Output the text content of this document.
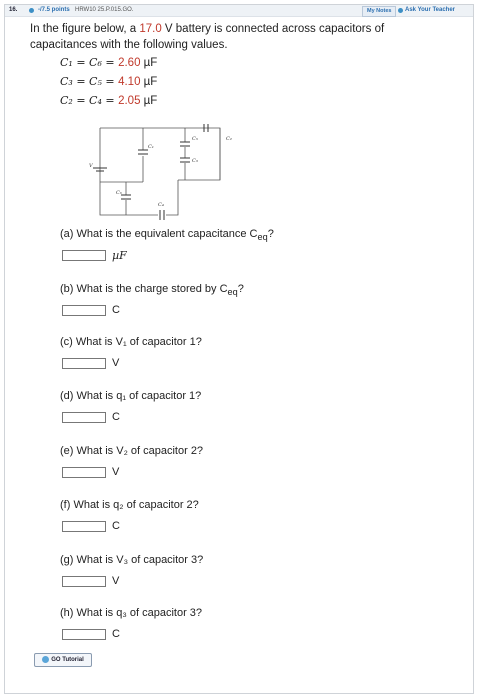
16.	-/7.5 points HRW10 25.P.015.GO.	My Notes	Ask Your Teacher
In the figure below, a 17.0 V battery is connected across capacitors of
capacitances with the following values.
C₁ = C₆ = 2.60 µF
C₃ = C₅ = 4.10 µF
C₂ = C₄ = 2.05 µF
C₁
C₂
C₅
C₃
C₆
C₄
V
(a) What is the equivalent capacitance $C_{eq}$?
µF
(b) What is the charge stored by $C_{eq}$?
C
(c) What is V₁ of capacitor 1?
V
(d) What is q₁ of capacitor 1?
C
(e) What is V₂ of capacitor 2?
V
(f) What is q₂ of capacitor 2?
C
(g) What is V₃ of capacitor 3?
V
(h) What is q₃ of capacitor 3?
C
GO Tutorial
